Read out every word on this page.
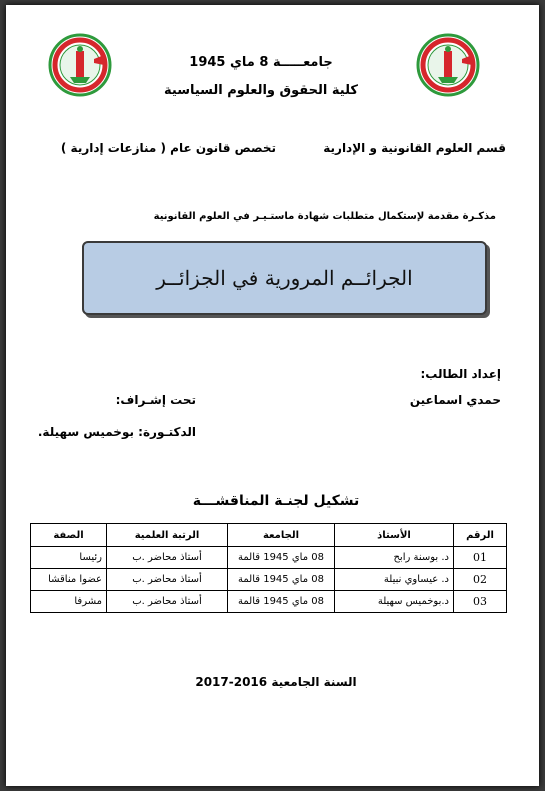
جامعـــــة 8 ماي 1945
كلية الحقوق والعلوم السياسية
قسم العلوم القانونية و الإدارية
تخصص قانون عام ( منازعات إدارية )
مذكـرة مقدمة لإستكمال متطلبات شهادة ماستـيـر في العلوم القانونية
الجرائــم المرورية في الجزائــر
إعداد الطالب:
حمدي اسماعين
تحت إشـراف:
الدكتـورة: بوخميس سهيلة.
تشكيل لجنـة المناقشـــة
الرقم	الأستاذ	الجامعة	الرتبة العلمية	الصفة
01	د. بوسنة رابح	08 ماي 1945 قالمة	أستاذ محاضر .ب	رئيسا
02	د. عيساوي نبيلة	08 ماي 1945 قالمة	أستاذ محاضر .ب	عضوا مناقشا
03	د.بوخميس سهيلة	08 ماي 1945 قالمة	أستاذ محاضر .ب	مشرفا
السنة الجامعية 2016-2017
